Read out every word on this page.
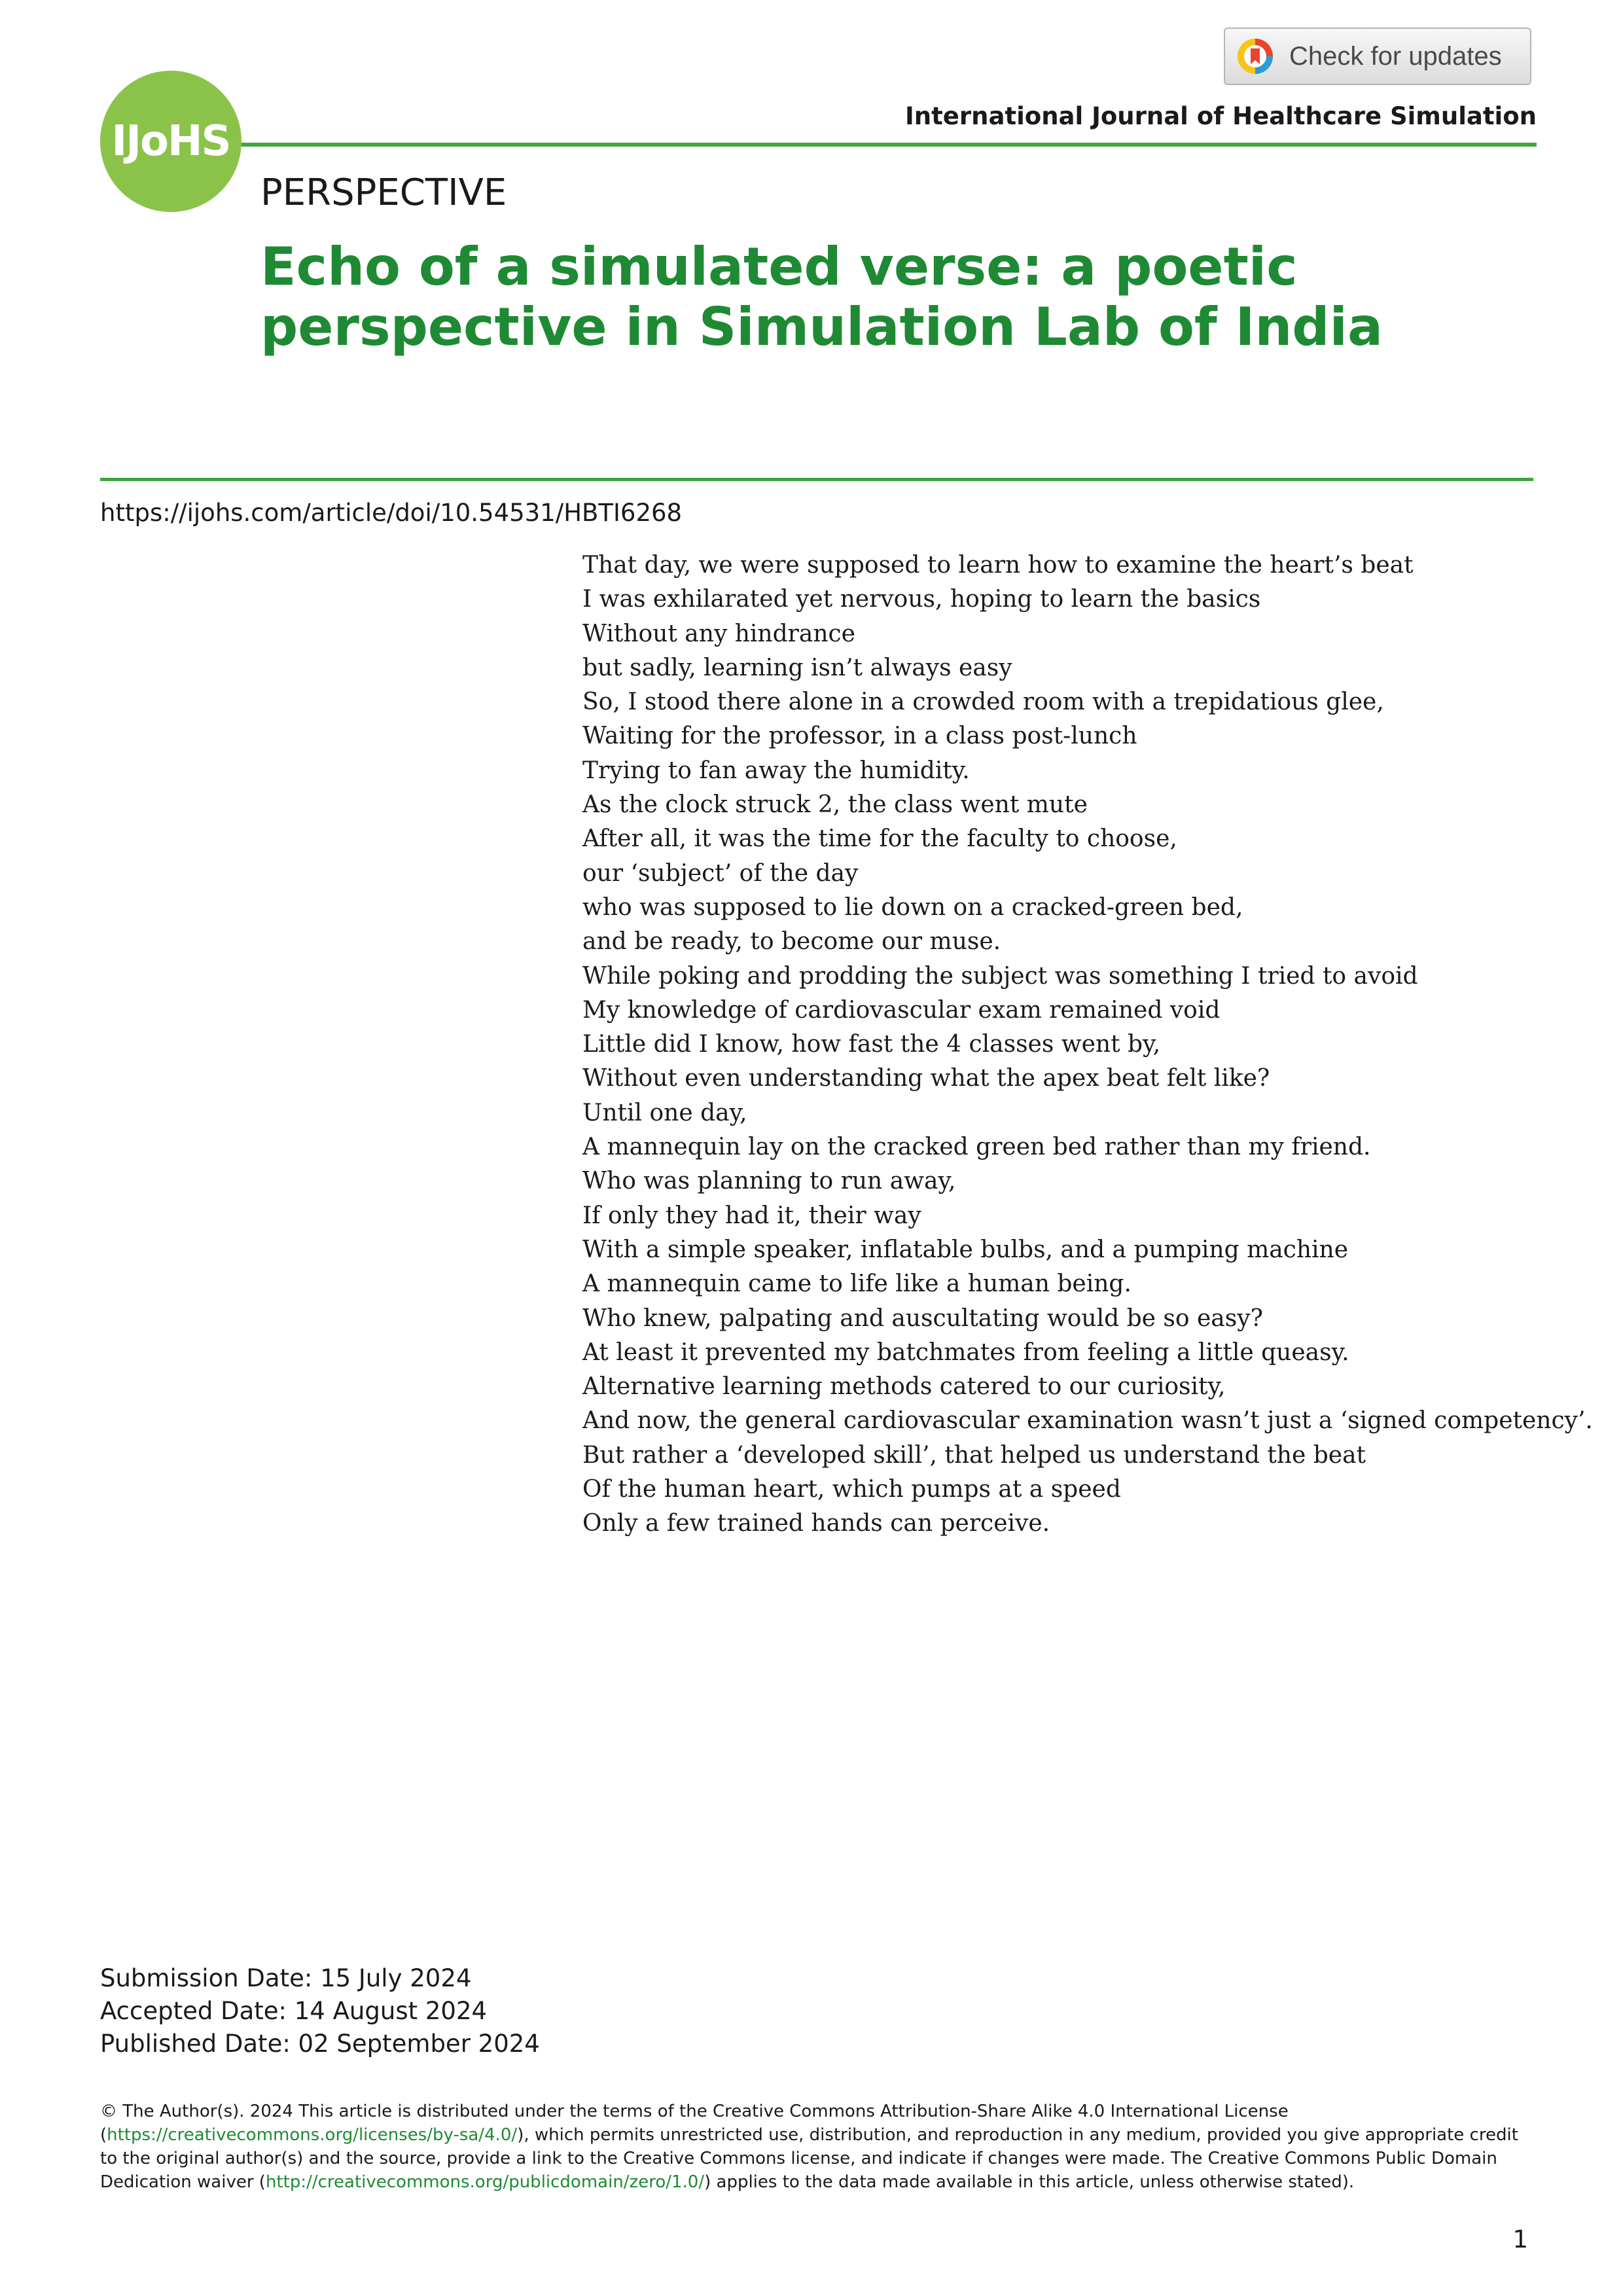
Check for updates
International Journal of Healthcare Simulation
IJoHS
PERSPECTIVE
Echo of a simulated verse: a poetic perspective in Simulation Lab of India
https://ijohs.com/article/doi/10.54531/HBTI6268
That day, we were supposed to learn how to examine the heart’s beat
I was exhilarated yet nervous, hoping to learn the basics
Without any hindrance
but sadly, learning isn’t always easy
So, I stood there alone in a crowded room with a trepidatious glee,
Waiting for the professor, in a class post-lunch
Trying to fan away the humidity.
As the clock struck 2, the class went mute
After all, it was the time for the faculty to choose,
our ‘subject’ of the day
who was supposed to lie down on a cracked-green bed,
and be ready, to become our muse.
While poking and prodding the subject was something I tried to avoid
My knowledge of cardiovascular exam remained void
Little did I know, how fast the 4 classes went by,
Without even understanding what the apex beat felt like?
Until one day,
A mannequin lay on the cracked green bed rather than my friend.
Who was planning to run away,
If only they had it, their way
With a simple speaker, inflatable bulbs, and a pumping machine
A mannequin came to life like a human being.
Who knew, palpating and auscultating would be so easy?
At least it prevented my batchmates from feeling a little queasy.
Alternative learning methods catered to our curiosity,
And now, the general cardiovascular examination wasn’t just a ‘signed competency’.
But rather a ‘developed skill’, that helped us understand the beat
Of the human heart, which pumps at a speed
Only a few trained hands can perceive.
Submission Date: 15 July 2024
Accepted Date: 14 August 2024
Published Date: 02 September 2024
© The Author(s). 2024 This article is distributed under the terms of the Creative Commons Attribution-Share Alike 4.0 International License (https://creativecommons.org/licenses/by-sa/4.0/), which permits unrestricted use, distribution, and reproduction in any medium, provided you give appropriate credit to the original author(s) and the source, provide a link to the Creative Commons license, and indicate if changes were made. The Creative Commons Public Domain Dedication waiver (http://creativecommons.org/publicdomain/zero/1.0/) applies to the data made available in this article, unless otherwise stated).
1
